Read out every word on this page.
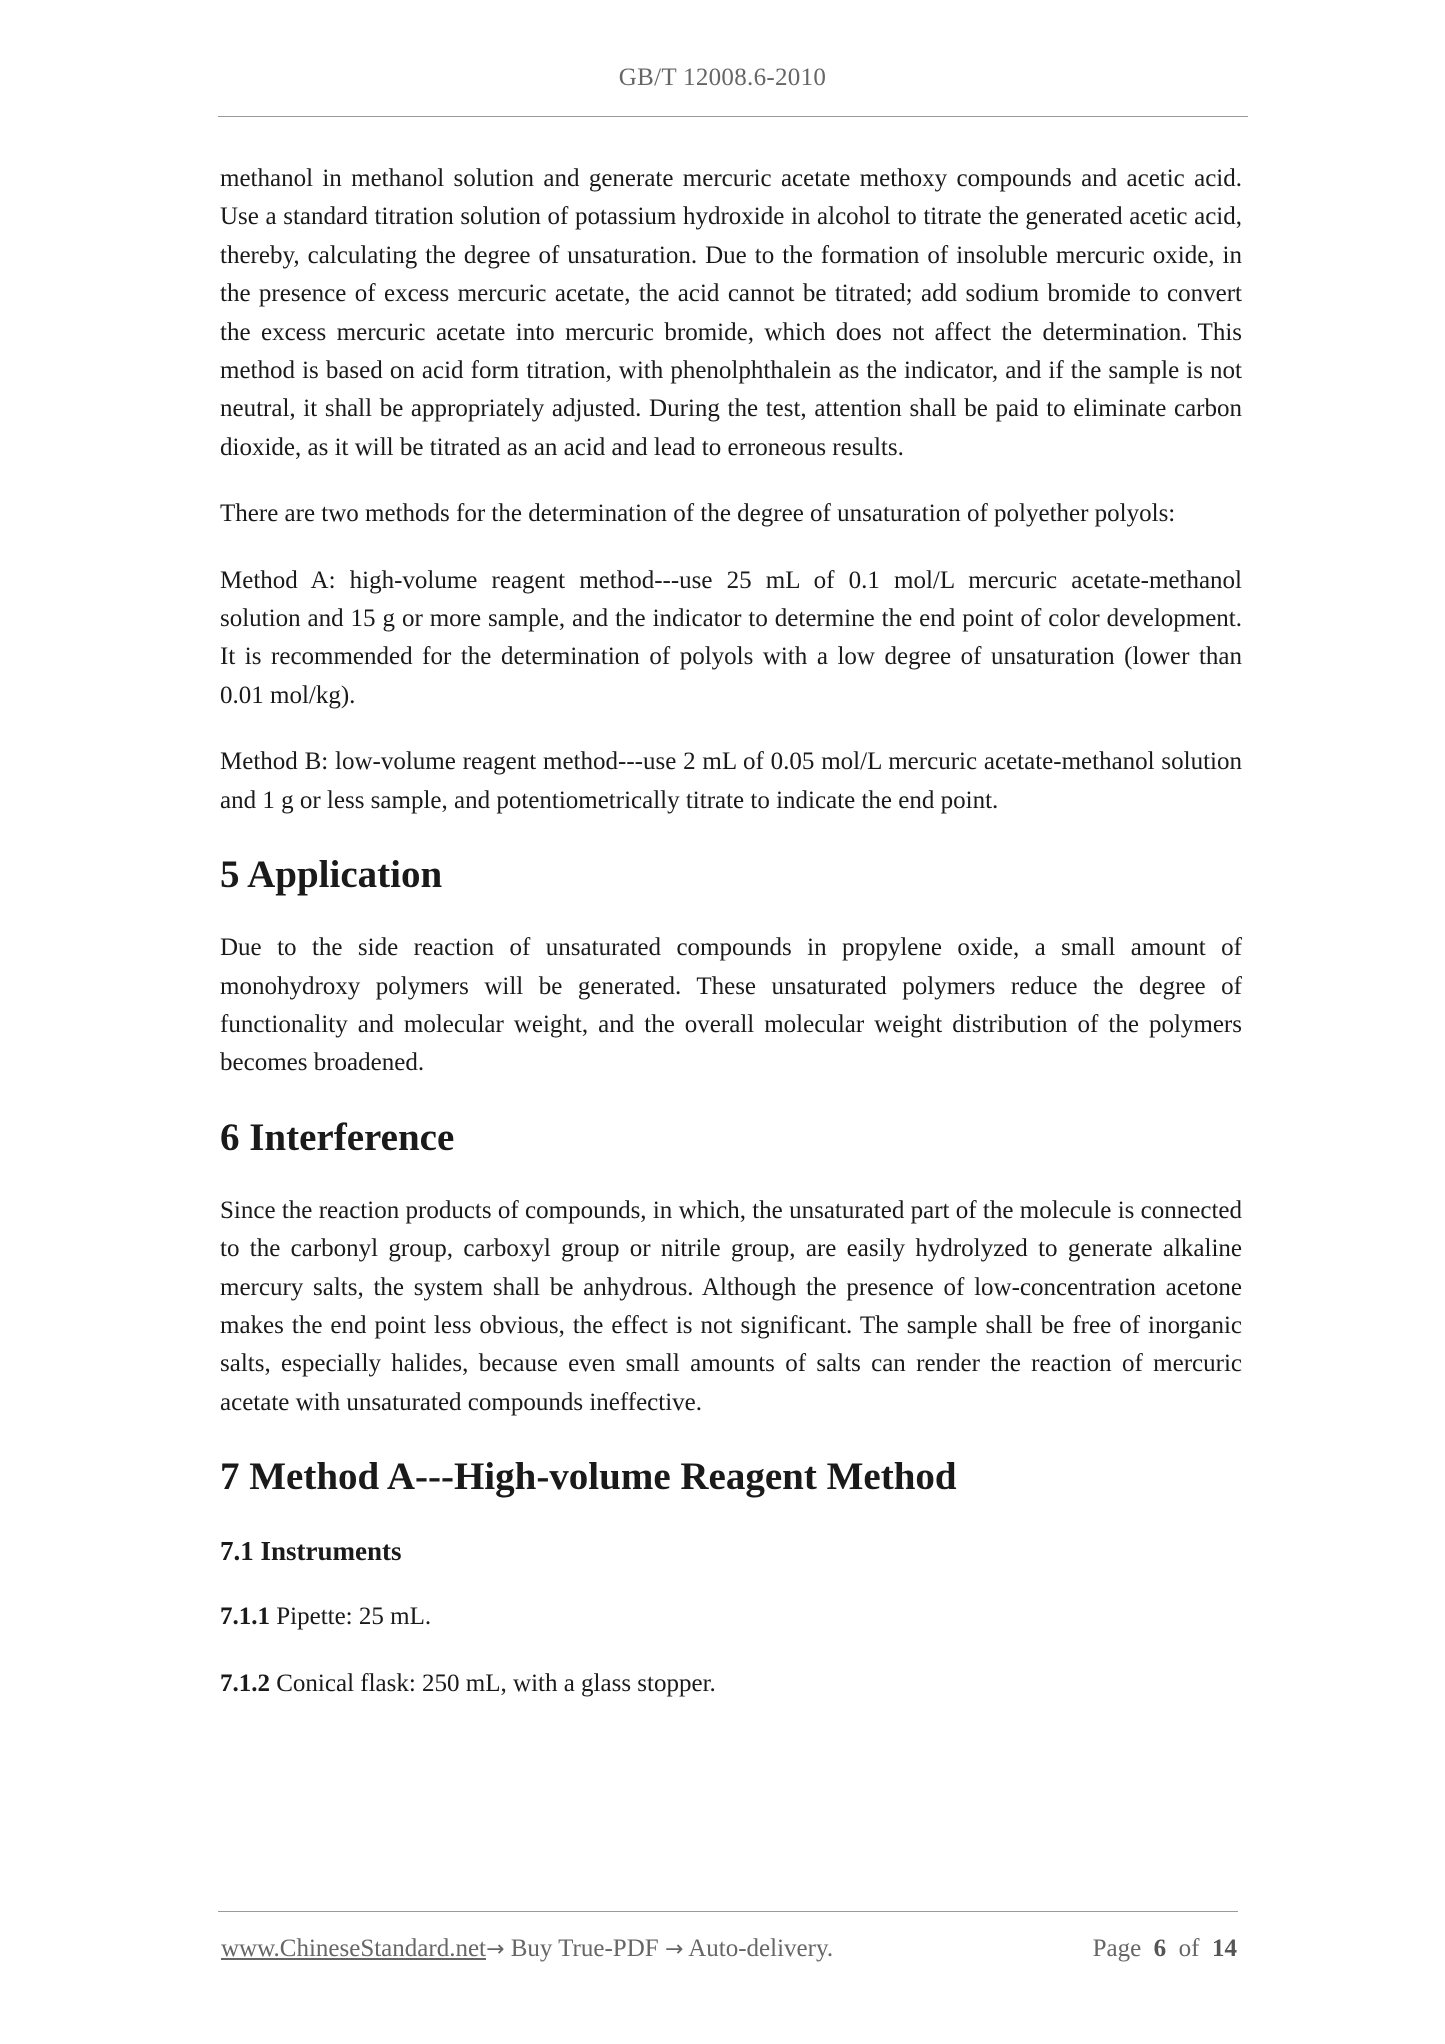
GB/T 12008.6-2010

methanol in methanol solution and generate mercuric acetate methoxy compounds and acetic acid. Use a standard titration solution of potassium hydroxide in alcohol to titrate the generated acetic acid, thereby, calculating the degree of unsaturation. Due to the formation of insoluble mercuric oxide, in the presence of excess mercuric acetate, the acid cannot be titrated; add sodium bromide to convert the excess mercuric acetate into mercuric bromide, which does not affect the determination. This method is based on acid form titration, with phenolphthalein as the indicator, and if the sample is not neutral, it shall be appropriately adjusted. During the test, attention shall be paid to eliminate carbon dioxide, as it will be titrated as an acid and lead to erroneous results.

There are two methods for the determination of the degree of unsaturation of polyether polyols:

Method A: high-volume reagent method---use 25 mL of 0.1 mol/L mercuric acetate-methanol solution and 15 g or more sample, and the indicator to determine the end point of color development. It is recommended for the determination of polyols with a low degree of unsaturation (lower than 0.01 mol/kg).

Method B: low-volume reagent method---use 2 mL of 0.05 mol/L mercuric acetate-methanol solution and 1 g or less sample, and potentiometrically titrate to indicate the end point.

5 Application

Due to the side reaction of unsaturated compounds in propylene oxide, a small amount of monohydroxy polymers will be generated. These unsaturated polymers reduce the degree of functionality and molecular weight, and the overall molecular weight distribution of the polymers becomes broadened.

6 Interference

Since the reaction products of compounds, in which, the unsaturated part of the molecule is connected to the carbonyl group, carboxyl group or nitrile group, are easily hydrolyzed to generate alkaline mercury salts, the system shall be anhydrous. Although the presence of low-concentration acetone makes the end point less obvious, the effect is not significant. The sample shall be free of inorganic salts, especially halides, because even small amounts of salts can render the reaction of mercuric acetate with unsaturated compounds ineffective.

7 Method A---High-volume Reagent Method
7.1 Instruments

7.1.1 Pipette: 25 mL.

7.1.2 Conical flask: 250 mL, with a glass stopper.

www.ChineseStandard.net→ Buy True-PDF → Auto-delivery.	Page 6 of 14
